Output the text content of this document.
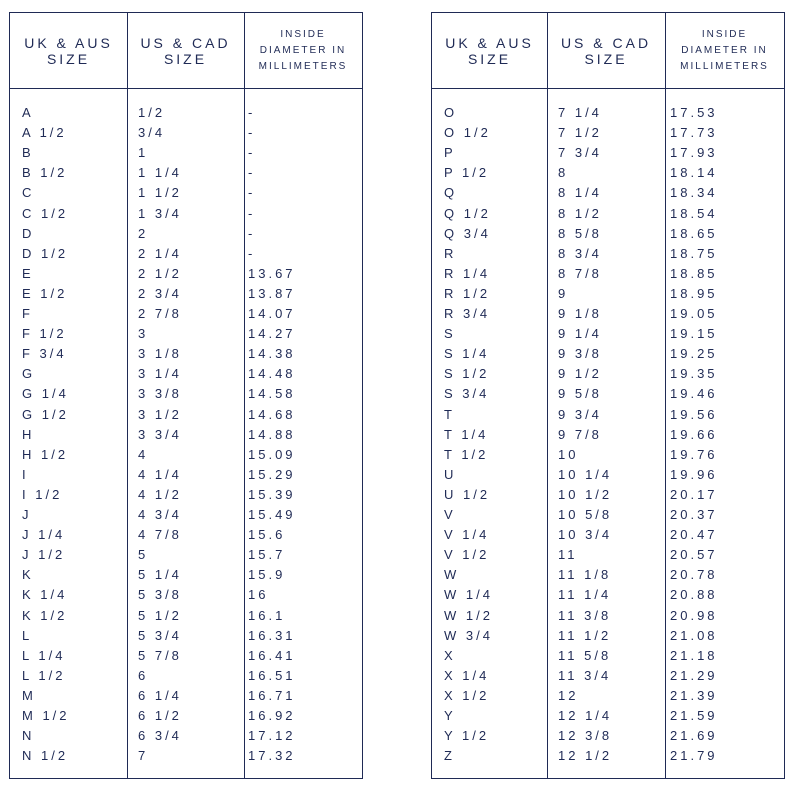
UK & AUS
SIZE
US & CAD
SIZE
INSIDE
DIAMETER IN
MILLIMETERS
A	1/2	-
A 1/2	3/4	-
B	1	-
B 1/2	1 1/4	-
C	1 1/2	-
C 1/2	1 3/4	-
D	2	-
D 1/2	2 1/4	-
E	2 1/2	13.67
E 1/2	2 3/4	13.87
F	2 7/8	14.07
F 1/2	3	14.27
F 3/4	3 1/8	14.38
G	3 1/4	14.48
G 1/4	3 3/8	14.58
G 1/2	3 1/2	14.68
H	3 3/4	14.88
H 1/2	4	15.09
I	4 1/4	15.29
I 1/2	4 1/2	15.39
J	4 3/4	15.49
J 1/4	4 7/8	15.6
J 1/2	5	15.7
K	5 1/4	15.9
K 1/4	5 3/8	16
K 1/2	5 1/2	16.1
L	5 3/4	16.31
L 1/4	5 7/8	16.41
L 1/2	6	16.51
M	6 1/4	16.71
M 1/2	6 1/2	16.92
N	6 3/4	17.12
N 1/2	7	17.32
UK & AUS
SIZE
US & CAD
SIZE
INSIDE
DIAMETER IN
MILLIMETERS
O	7 1/4	17.53
O 1/2	7 1/2	17.73
P	7 3/4	17.93
P 1/2	8	18.14
Q	8 1/4	18.34
Q 1/2	8 1/2	18.54
Q 3/4	8 5/8	18.65
R	8 3/4	18.75
R 1/4	8 7/8	18.85
R 1/2	9	18.95
R 3/4	9 1/8	19.05
S	9 1/4	19.15
S 1/4	9 3/8	19.25
S 1/2	9 1/2	19.35
S 3/4	9 5/8	19.46
T	9 3/4	19.56
T 1/4	9 7/8	19.66
T 1/2	10	19.76
U	10 1/4	19.96
U 1/2	10 1/2	20.17
V	10 5/8	20.37
V 1/4	10 3/4	20.47
V 1/2	11	20.57
W	11 1/8	20.78
W 1/4	11 1/4	20.88
W 1/2	11 3/8	20.98
W 3/4	11 1/2	21.08
X	11 5/8	21.18
X 1/4	11 3/4	21.29
X 1/2	12	21.39
Y	12 1/4	21.59
Y 1/2	12 3/8	21.69
Z	12 1/2	21.79
